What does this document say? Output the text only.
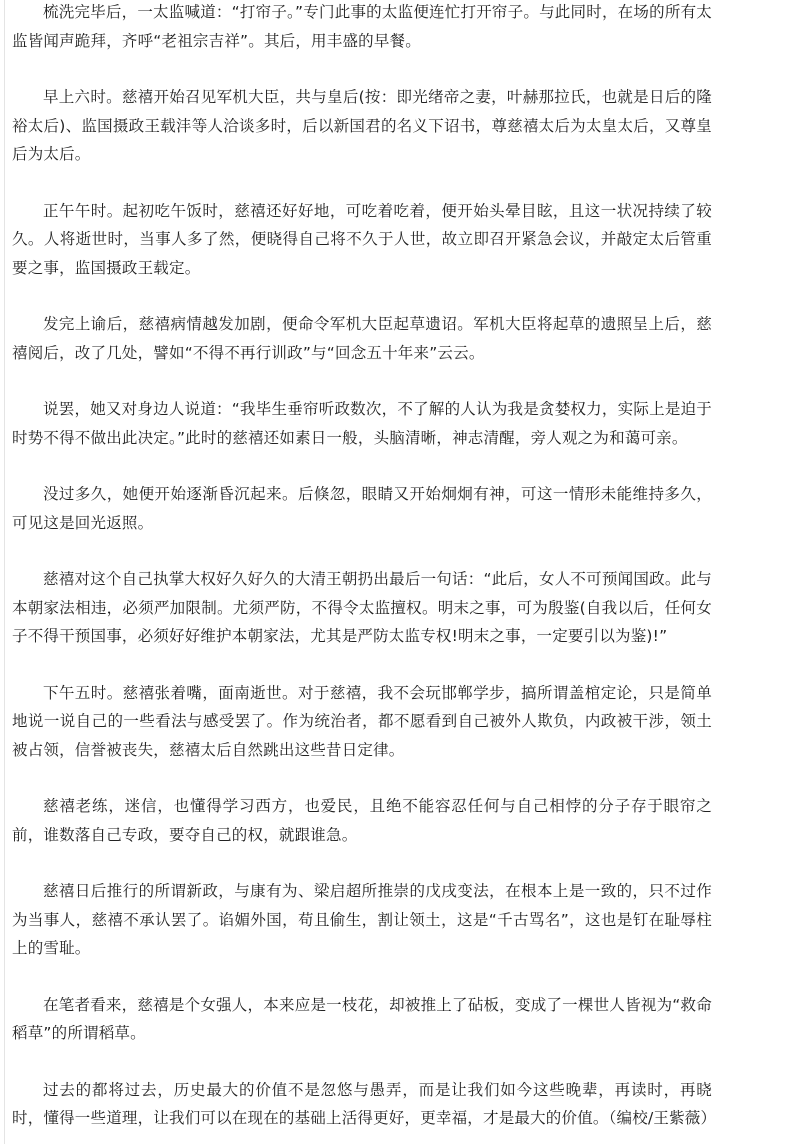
梳洗完毕后，一太监喊道：“打帘子。”专门此事的太监便连忙打开帘子。与此同时，在场的所有太监皆闻声跪拜，齐呼“老祖宗吉祥”。其后，用丰盛的早餐。

早上六时。慈禧开始召见军机大臣，共与皇后(按：即光绪帝之妻，叶赫那拉氏，也就是日后的隆裕太后)、监国摄政王载沣等人洽谈多时，后以新国君的名义下诏书，尊慈禧太后为太皇太后，又尊皇后为太后。

正午午时。起初吃午饭时，慈禧还好好地，可吃着吃着，便开始头晕目眩，且这一状况持续了较久。人将逝世时，当事人多了然，便晓得自己将不久于人世，故立即召开紧急会议，并敲定太后管重要之事，监国摄政王载定。

发完上谕后，慈禧病情越发加剧，便命令军机大臣起草遗诏。军机大臣将起草的遗照呈上后，慈禧阅后，改了几处，譬如“不得不再行训政”与“回念五十年来”云云。

说罢，她又对身边人说道：“我毕生垂帘听政数次，不了解的人认为我是贪婪权力，实际上是迫于时势不得不做出此决定。”此时的慈禧还如素日一般，头脑清晰，神志清醒，旁人观之为和蔼可亲。

没过多久，她便开始逐渐昏沉起来。后倏忽，眼睛又开始炯炯有神，可这一情形未能维持多久，可见这是回光返照。

慈禧对这个自己执掌大权好久好久的大清王朝扔出最后一句话：“此后，女人不可预闻国政。此与本朝家法相违，必须严加限制。尤须严防，不得令太监擅权。明末之事，可为殷鉴(自我以后，任何女子不得干预国事，必须好好维护本朝家法，尤其是严防太监专权!明末之事，一定要引以为鉴)!”

下午五时。慈禧张着嘴，面南逝世。对于慈禧，我不会玩邯郸学步，搞所谓盖棺定论，只是简单地说一说自己的一些看法与感受罢了。作为统治者，都不愿看到自己被外人欺负，内政被干涉，领土被占领，信誉被丧失，慈禧太后自然跳出这些昔日定律。

慈禧老练，迷信，也懂得学习西方，也爱民，且绝不能容忍任何与自己相悖的分子存于眼帘之前，谁数落自己专政，要夺自己的权，就跟谁急。

慈禧日后推行的所谓新政，与康有为、梁启超所推崇的戊戌变法，在根本上是一致的，只不过作为当事人，慈禧不承认罢了。谄媚外国，苟且偷生，割让领土，这是“千古骂名”，这也是钉在耻辱柱上的雪耻。

在笔者看来，慈禧是个女强人，本来应是一枝花，却被推上了砧板，变成了一棵世人皆视为“救命稻草”的所谓稻草。

过去的都将过去，历史最大的价值不是忽悠与愚弄，而是让我们如今这些晚辈，再读时，再晓时，懂得一些道理，让我们可以在现在的基础上活得更好，更幸福，才是最大的价值。（编校/王紫薇）
